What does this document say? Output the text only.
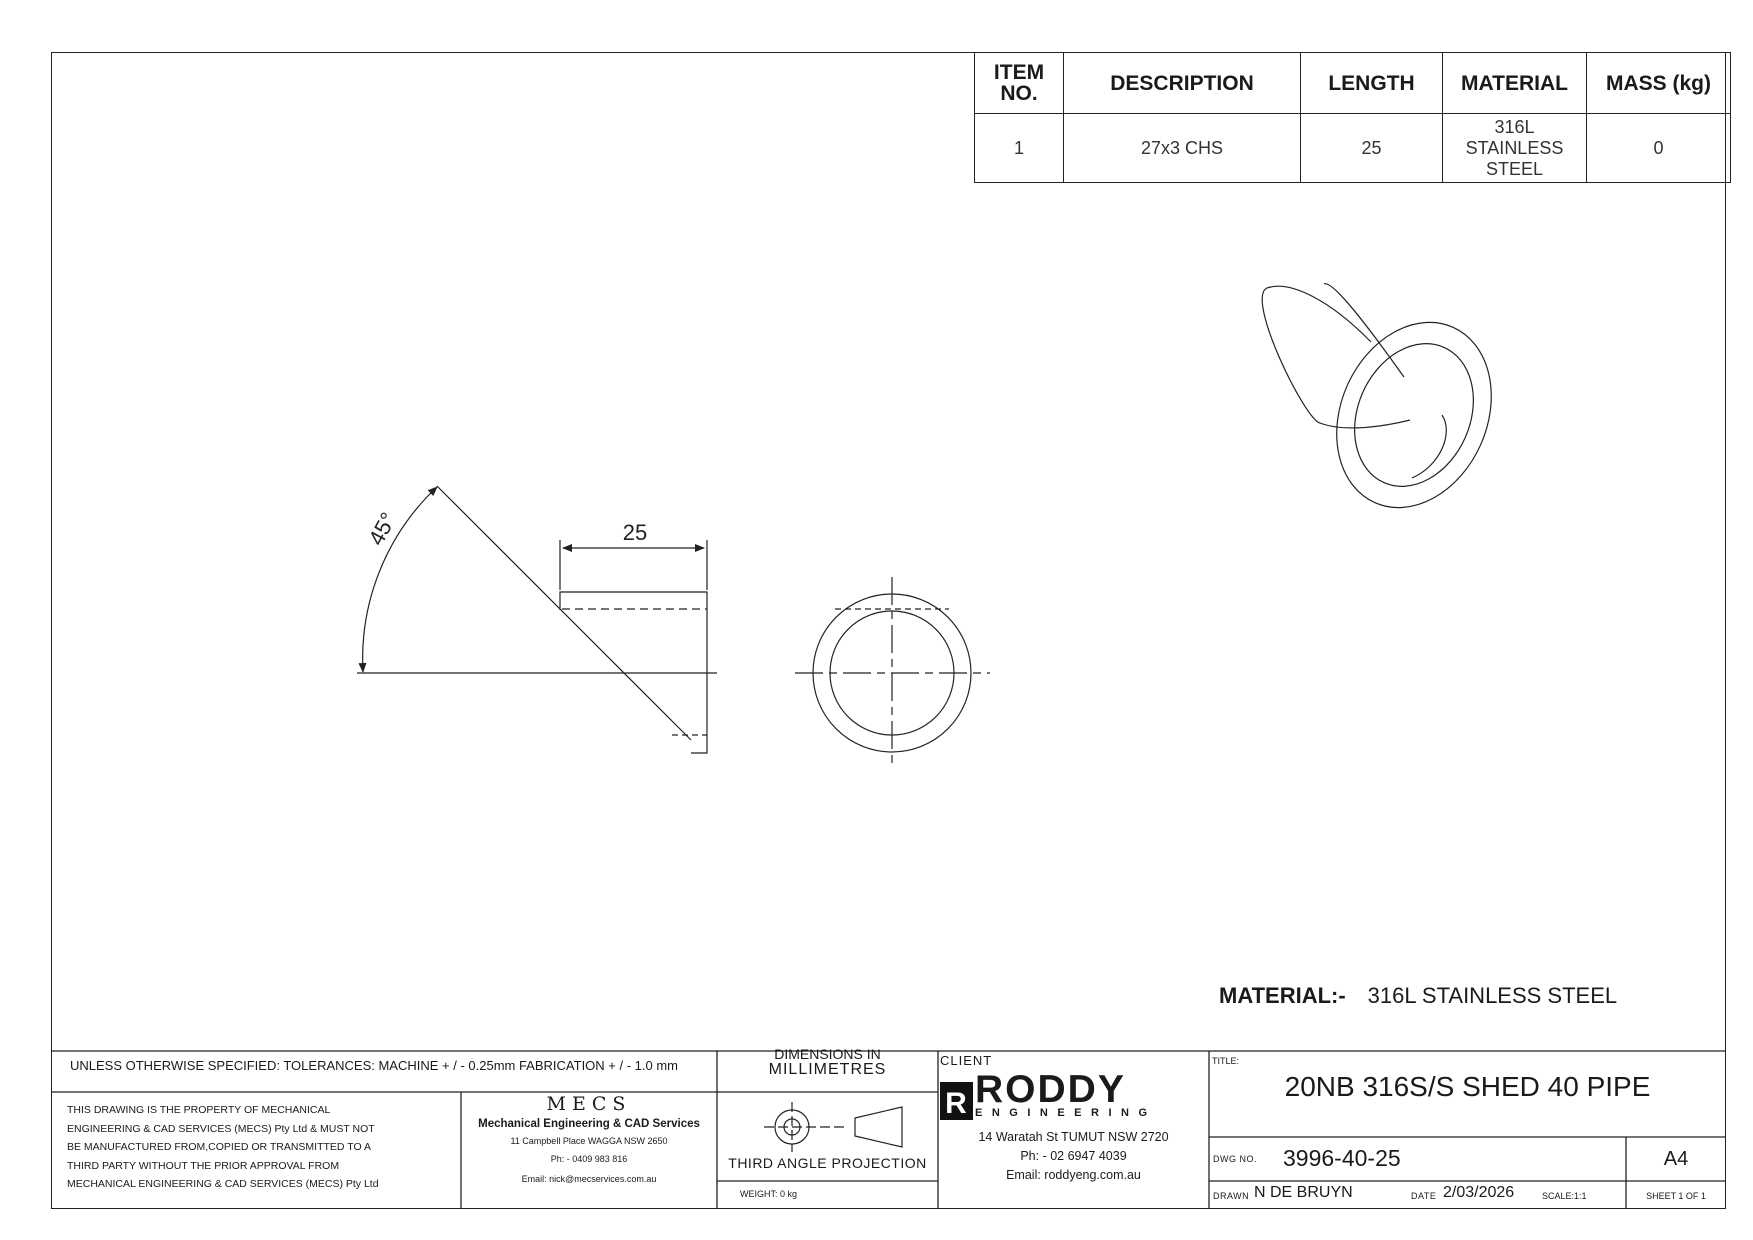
ITEM
NO.	DESCRIPTION	LENGTH	MATERIAL	MASS (kg)
1	27x3 CHS	25	316L STAINLESS STEEL	0
45°	25
R
MATERIAL:- 316L STAINLESS STEEL
UNLESS OTHERWISE SPECIFIED: TOLERANCES: MACHINE + / - 0.25mm FABRICATION + / - 1.0 mm
THIS DRAWING IS THE PROPERTY OF MECHANICAL
ENGINEERING & CAD SERVICES (MECS) Pty Ltd & MUST NOT
BE MANUFACTURED FROM,COPIED OR TRANSMITTED TO A
THIRD PARTY WITHOUT THE PRIOR APPROVAL FROM
MECHANICAL ENGINEERING & CAD SERVICES (MECS) Pty Ltd
MECS
Mechanical Engineering & CAD Services
11 Campbell Place WAGGA NSW 2650
Ph: - 0409 983 816
Email: nick@mecservices.com.au
DIMENSIONS IN
MILLIMETRES
THIRD ANGLE PROJECTION
WEIGHT: 0 kg
CLIENT
RODDY
ENGINEERING
14 Waratah St TUMUT NSW 2720
Ph: - 02 6947 4039
Email: roddyeng.com.au
TITLE:
20NB 316S/S SHED 40 PIPE
DWG NO. 3996-40-25	A4
DRAWN N DE BRUYN	DATE 2/03/2026	SCALE:1:1	SHEET 1 OF 1
